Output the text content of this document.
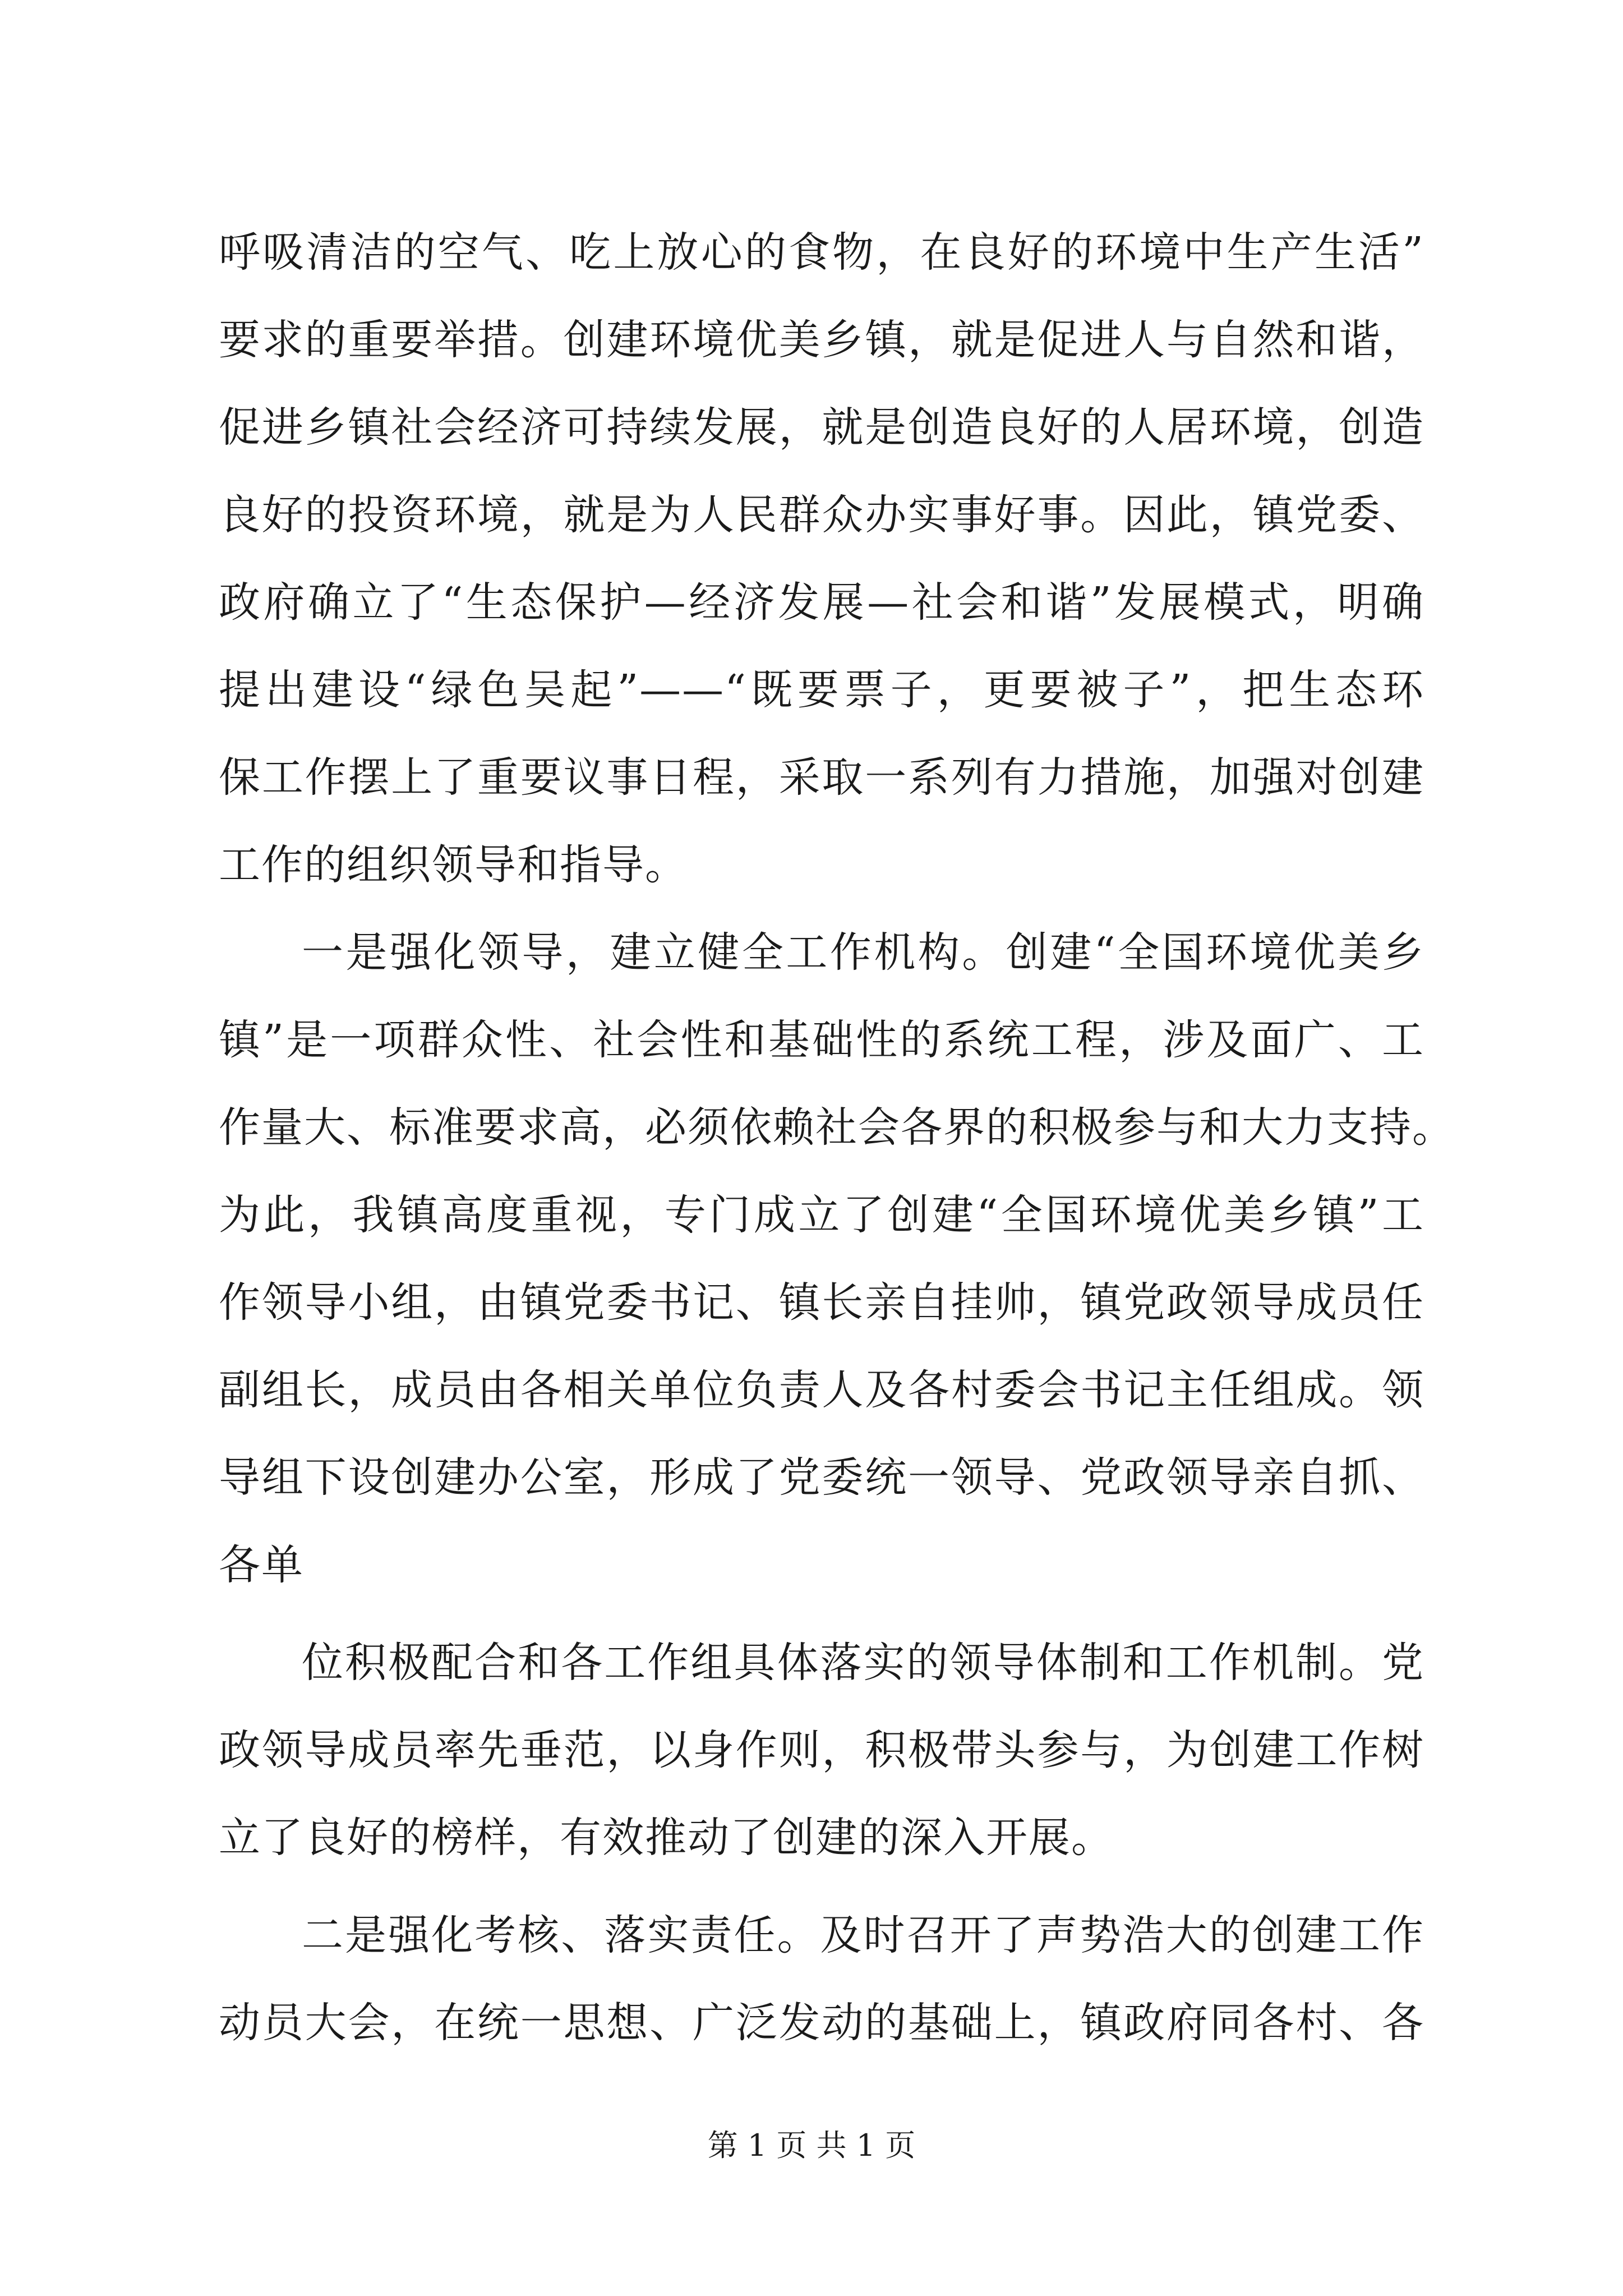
呼吸清洁的空气、吃上放心的食物，在良好的环境中生产生活”
要求的重要举措。创建环境优美乡镇，就是促进人与自然和谐，
促进乡镇社会经济可持续发展，就是创造良好的人居环境，创造
良好的投资环境，就是为人民群众办实事好事。因此，镇党委、
政府确立了“生态保护—经济发展—社会和谐”发展模式，明确
提出建设“绿色吴起”——“既要票子，更要被子”，把生态环
保工作摆上了重要议事日程，采取一系列有力措施，加强对创建
工作的组织领导和指导。
一是强化领导，建立健全工作机构。创建“全国环境优美乡
镇”是一项群众性、社会性和基础性的系统工程，涉及面广、工
作量大、标准要求高，必须依赖社会各界的积极参与和大力支持。
为此，我镇高度重视，专门成立了创建“全国环境优美乡镇”工
作领导小组，由镇党委书记、镇长亲自挂帅，镇党政领导成员任
副组长，成员由各相关单位负责人及各村委会书记主任组成。领
导组下设创建办公室，形成了党委统一领导、党政领导亲自抓、
各单
位积极配合和各工作组具体落实的领导体制和工作机制。党
政领导成员率先垂范，以身作则，积极带头参与，为创建工作树
立了良好的榜样，有效推动了创建的深入开展。
二是强化考核、落实责任。及时召开了声势浩大的创建工作
动员大会，在统一思想、广泛发动的基础上，镇政府同各村、各
第 1 页 共 1 页
